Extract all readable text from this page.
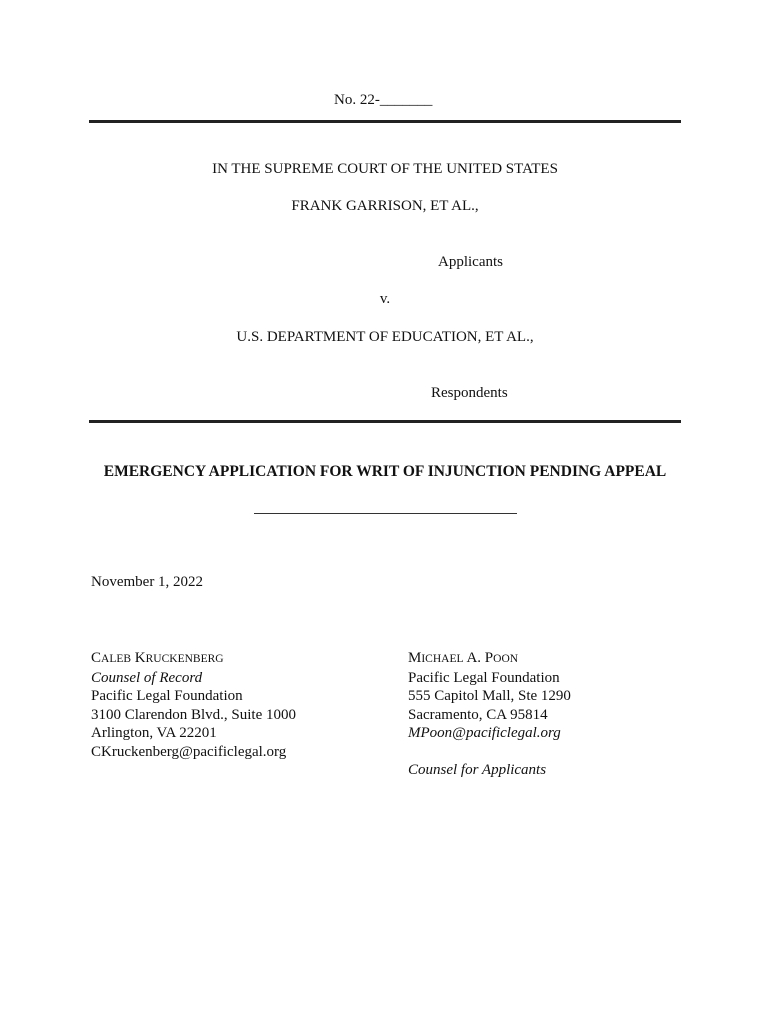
No. 22-_______
IN THE SUPREME COURT OF THE UNITED STATES
FRANK GARRISON, ET AL.,
Applicants
v.
U.S. DEPARTMENT OF EDUCATION, ET AL.,
Respondents
EMERGENCY APPLICATION FOR WRIT OF INJUNCTION PENDING APPEAL
November 1, 2022
CALEB KRUCKENBERG
Counsel of Record
Pacific Legal Foundation
3100 Clarendon Blvd., Suite 1000
Arlington, VA 22201
CKruckenberg@pacificlegal.org
MICHAEL A. POON
Pacific Legal Foundation
555 Capitol Mall, Ste 1290
Sacramento, CA 95814
MPoon@pacificlegal.org
Counsel for Applicants
